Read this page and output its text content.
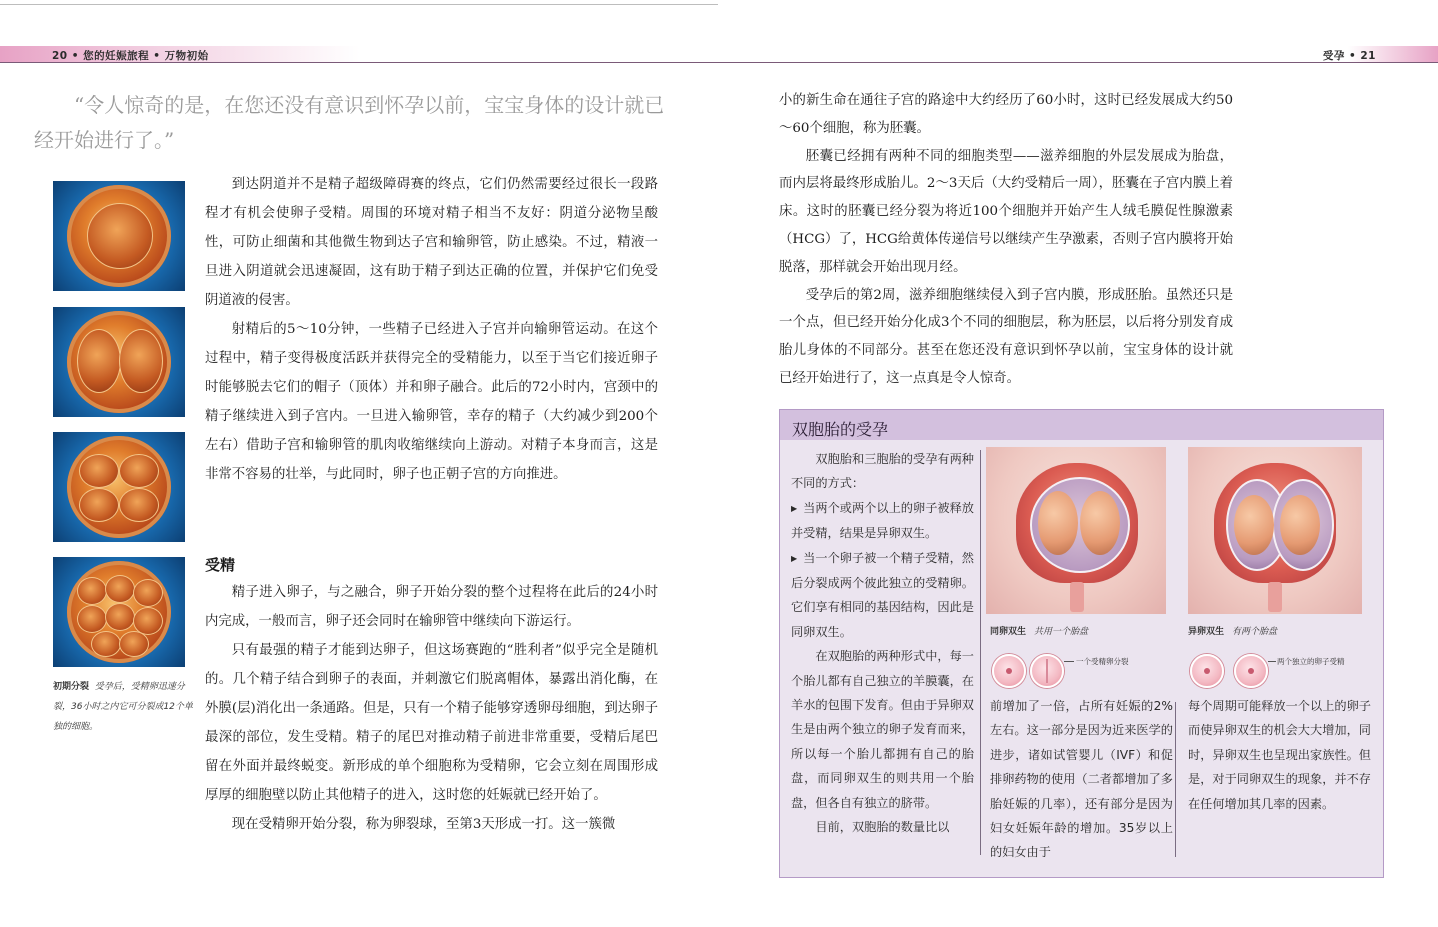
20 • 您的妊娠旅程 • 万物初始	受孕 • 21
“令人惊奇的是，在您还没有意识到怀孕以前，宝宝身体的设计就已经开始进行了。”
初期分裂 受孕后，受精卵迅速分裂，36小时之内它可分裂成12个单独的细胞。

到达阴道并不是精子超级障碍赛的终点，它们仍然需要经过很长一段路程才有机会使卵子受精。周围的环境对精子相当不友好：阴道分泌物呈酸性，可防止细菌和其他微生物到达子宫和输卵管，防止感染。不过，精液一旦进入阴道就会迅速凝固，这有助于精子到达正确的位置，并保护它们免受阴道液的侵害。

射精后的5～10分钟，一些精子已经进入子宫并向输卵管运动。在这个过程中，精子变得极度活跃并获得完全的受精能力，以至于当它们接近卵子时能够脱去它们的帽子（顶体）并和卵子融合。此后的72小时内，宫颈中的精子继续进入到子宫内。一旦进入输卵管，幸存的精子（大约减少到200个左右）借助子宫和输卵管的肌肉收缩继续向上游动。对精子本身而言，这是非常不容易的壮举，与此同时，卵子也正朝子宫的方向推进。

受精

精子进入卵子，与之融合，卵子开始分裂的整个过程将在此后的24小时内完成，一般而言，卵子还会同时在输卵管中继续向下游运行。

只有最强的精子才能到达卵子，但这场赛跑的“胜利者”似乎完全是随机的。几个精子结合到卵子的表面，并刺激它们脱离帽体，暴露出消化酶，在外膜(层)消化出一条通路。但是，只有一个精子能够穿透卵母细胞，到达卵子最深的部位，发生受精。精子的尾巴对推动精子前进非常重要，受精后尾巴留在外面并最终蜕变。新形成的单个细胞称为受精卵，它会立刻在周围形成厚厚的细胞壁以防止其他精子的进入，这时您的妊娠就已经开始了。

现在受精卵开始分裂，称为卵裂球，至第3天形成一打。这一簇微

小的新生命在通往子宫的路途中大约经历了60小时，这时已经发展成大约50～60个细胞，称为胚囊。

胚囊已经拥有两种不同的细胞类型——滋养细胞的外层发展成为胎盘，而内层将最终形成胎儿。2～3天后（大约受精后一周），胚囊在子宫内膜上着床。这时的胚囊已经分裂为将近100个细胞并开始产生人绒毛膜促性腺激素（HCG）了，HCG给黄体传递信号以继续产生孕激素，否则子宫内膜将开始脱落，那样就会开始出现月经。

受孕后的第2周，滋养细胞继续侵入到子宫内膜，形成胚胎。虽然还只是一个点，但已经开始分化成3个不同的细胞层，称为胚层，以后将分别发育成胎儿身体的不同部分。甚至在您还没有意识到怀孕以前，宝宝身体的设计就已经开始进行了，这一点真是令人惊奇。

双胞胎的受孕

双胞胎和三胞胎的受孕有两种不同的方式：

▶ 当两个或两个以上的卵子被释放并受精，结果是异卵双生。

▶ 当一个卵子被一个精子受精，然后分裂成两个彼此独立的受精卵。它们享有相同的基因结构，因此是同卵双生。

在双胞胎的两种形式中，每一个胎儿都有自己独立的羊膜囊，在羊水的包围下发育。但由于异卵双生是由两个独立的卵子发育而来，所以每一个胎儿都拥有自己的胎盘，而同卵双生的则共用一个胎盘，但各自有独立的脐带。

目前，双胞胎的数量比以

同卵双生 共用一个胎盘
一个受精卵分裂
异卵双生 有两个胎盘
两个独立的卵子受精

前增加了一倍，占所有妊娠的2%左右。这一部分是因为近来医学的进步，诸如试管婴儿（IVF）和促排卵药物的使用（二者都增加了多胎妊娠的几率），还有部分是因为妇女妊娠年龄的增加。35岁以上的妇女由于

每个周期可能释放一个以上的卵子而使异卵双生的机会大大增加，同时，异卵双生也呈现出家族性。但是，对于同卵双生的现象，并不存在任何增加其几率的因素。
